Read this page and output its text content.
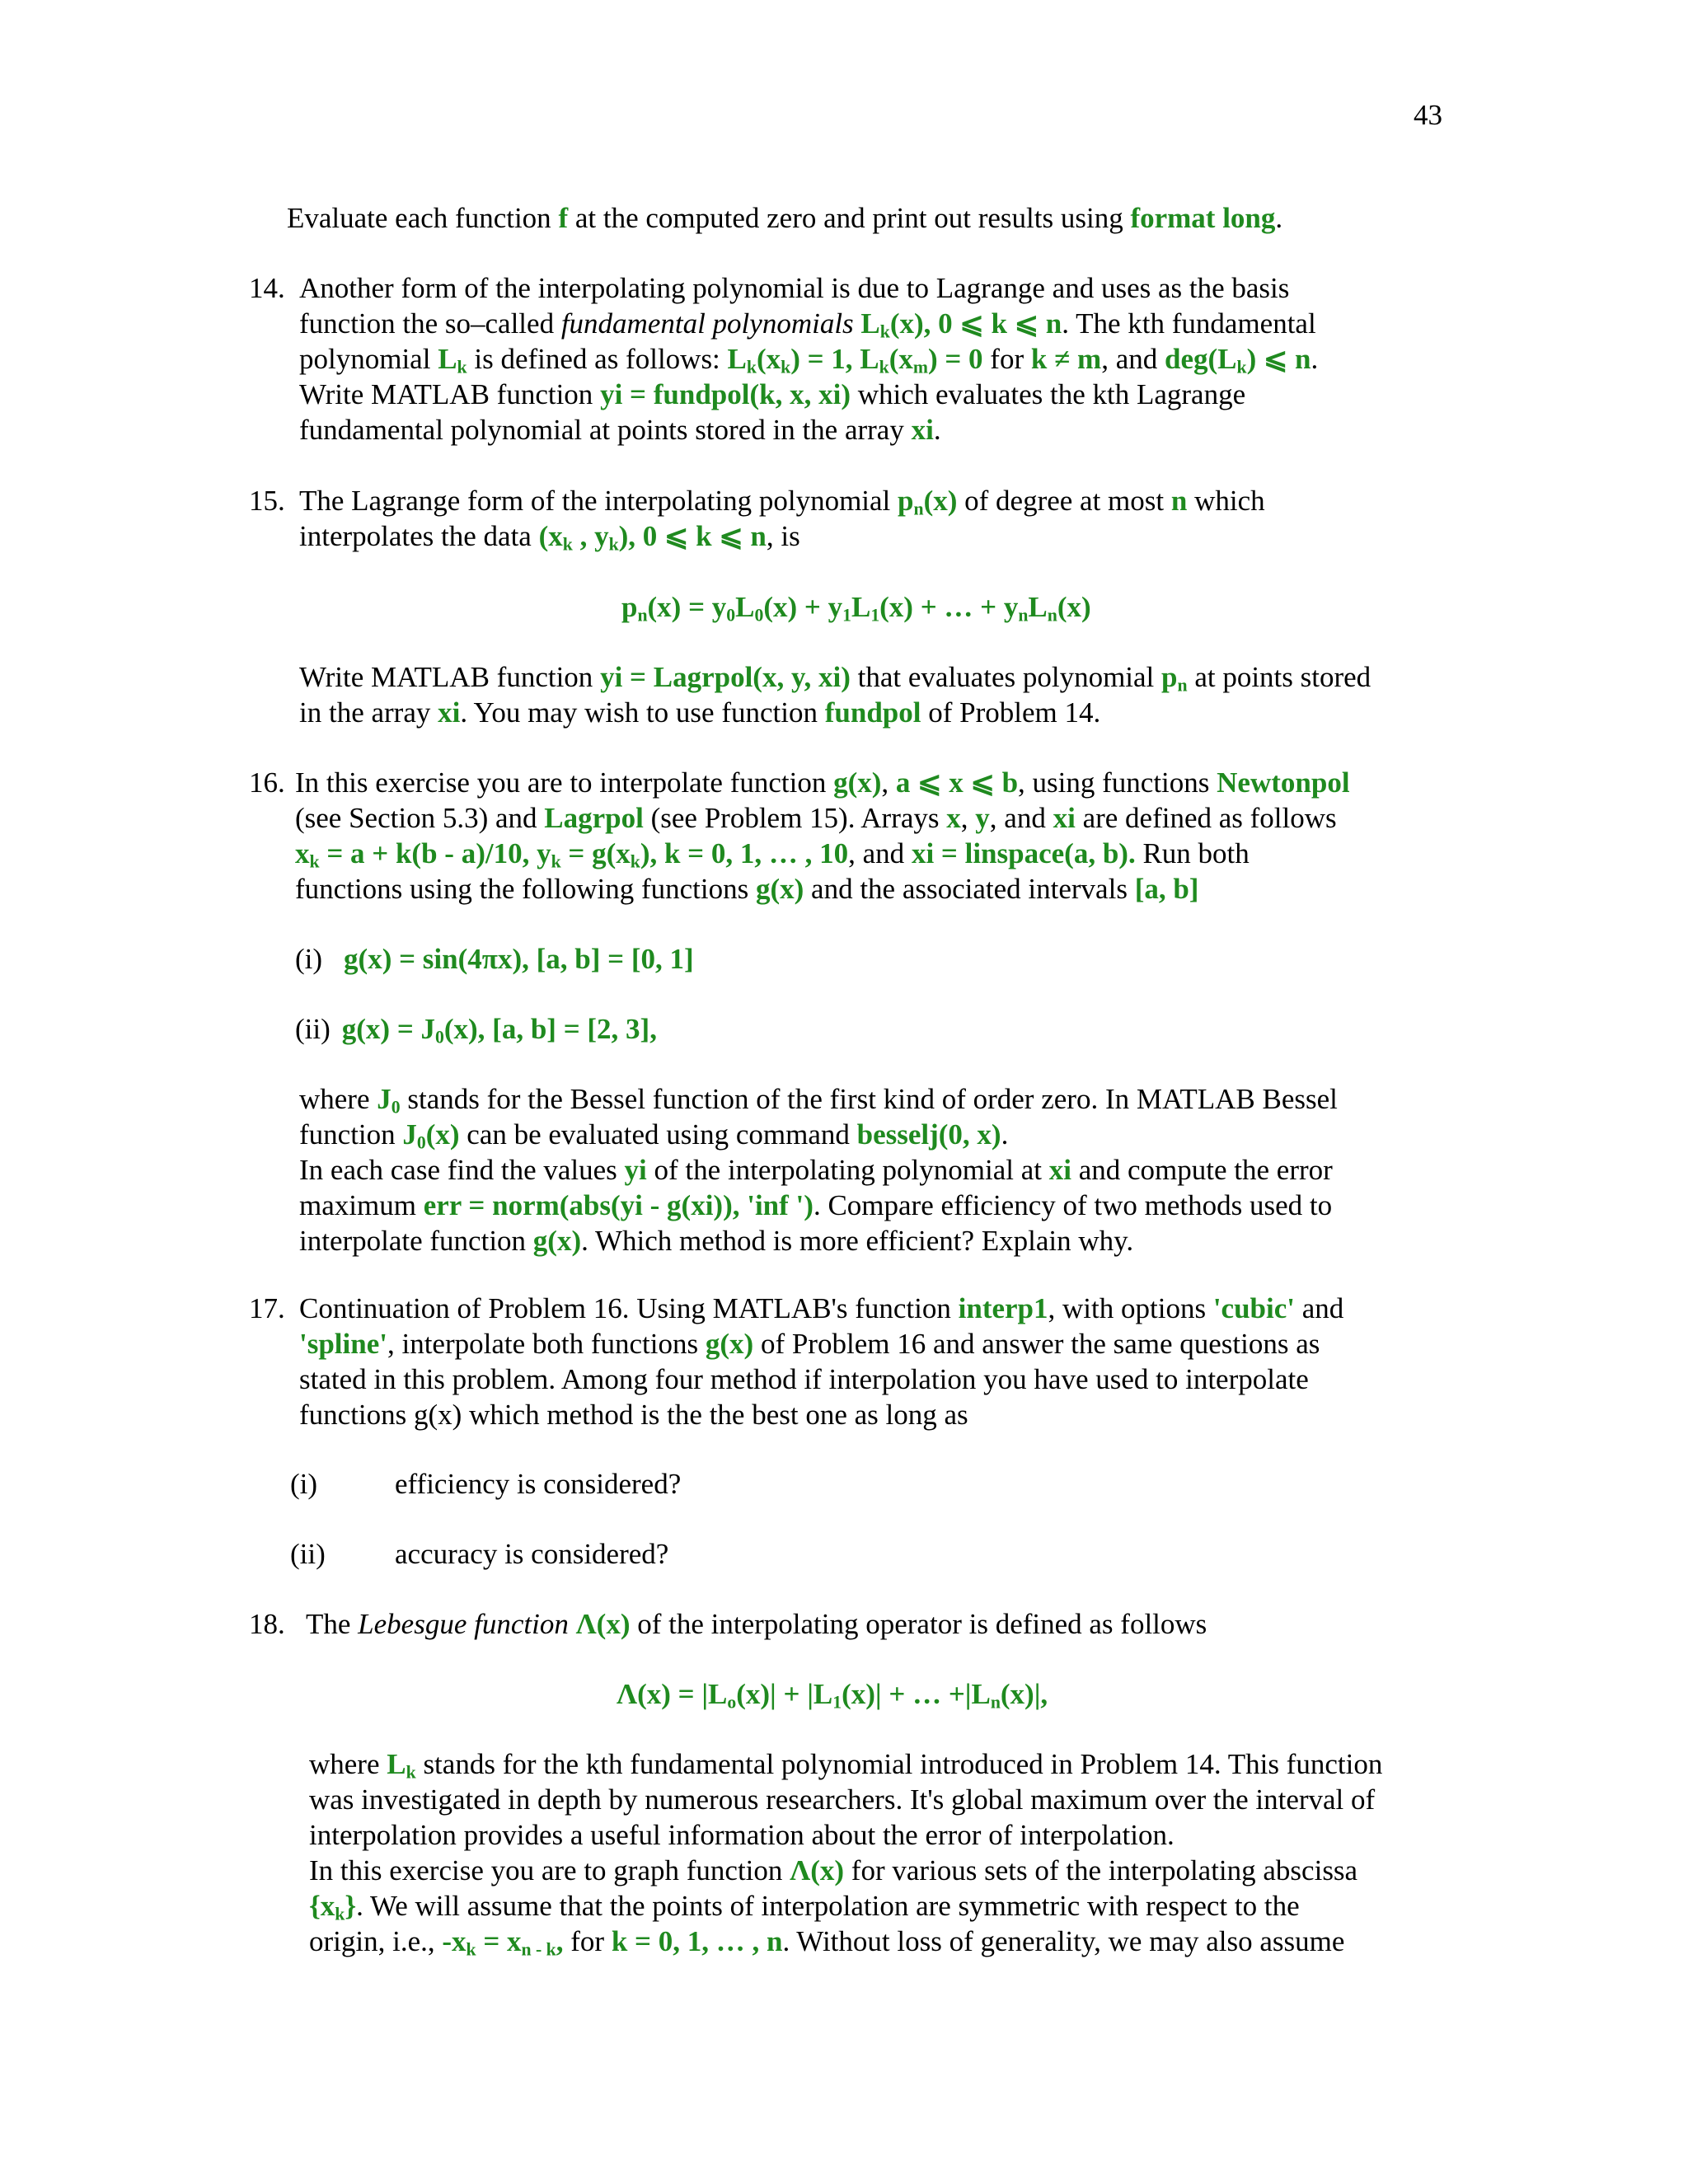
43
Evaluate each function f at the computed zero and print out results using format long.
14. Another form of the interpolating polynomial is due to Lagrange and uses as the basis
function the so–called fundamental polynomials $L_k(x)$, 0 ⩽ k ⩽ n. The kth fundamental
polynomial $L_k$ is defined as follows: $L_k(x_k) = 1$, $L_k(x_m) = 0$ for k ≠ m, and $deg(L_k)$ ⩽ n.
Write MATLAB function yi = fundpol(k, x, xi) which evaluates the kth Lagrange
fundamental polynomial at points stored in the array xi.
15. The Lagrange form of the interpolating polynomial $p_n(x)$ of degree at most n which
interpolates the data ($x_k$ , $y_k$), 0 ⩽ k ⩽ n, is
$p_n(x) = y_0L_0(x) + y_1L_1(x)$ + … + $y_nL_n(x)$
Write MATLAB function yi = Lagrpol(x, y, xi) that evaluates polynomial $p_n$ at points stored
in the array xi. You may wish to use function fundpol of Problem 14.
16. In this exercise you are to interpolate function g(x), a ⩽ x ⩽ b, using functions Newtonpol
(see Section 5.3) and Lagrpol (see Problem 15). Arrays x, y, and xi are defined as follows
$x_k = a + k(b - a)/10$, $y_k = g(x_k)$, k = 0, 1, … , 10, and xi = linspace(a, b). Run both
functions using the following functions g(x) and the associated intervals [a, b]
(i) g(x) = sin(4πx), [a, b] = [0, 1]
(ii) $g(x) = J_0(x)$, [a, b] = [2, 3],
where $J_0$ stands for the Bessel function of the first kind of order zero. In MATLAB Bessel
function $J_0(x)$ can be evaluated using command besselj(0, x).
In each case find the values yi of the interpolating polynomial at xi and compute the error
maximum err = norm(abs(yi - g(xi)), 'inf '). Compare efficiency of two methods used to
interpolate function g(x). Which method is more efficient? Explain why.
17. Continuation of Problem 16. Using MATLAB's function interp1, with options 'cubic' and
'spline', interpolate both functions g(x) of Problem 16 and answer the same questions as
stated in this problem. Among four method if interpolation you have used to interpolate
functions g(x) which method is the the best one as long as
(i)	efficiency is considered?
(ii) accuracy is considered?
18. The Lebesgue function Λ(x) of the interpolating operator is defined as follows
$\Lambda(x) = |L_o(x)| + |L_1(x)|$ + … $+|L_n(x)|$,
where $L_k$ stands for the kth fundamental polynomial introduced in Problem 14. This function
was investigated in depth by numerous researchers. It's global maximum over the interval of
interpolation provides a useful information about the error of interpolation.
In this exercise you are to graph function Λ(x) for various sets of the interpolating abscissa
$\{x_k\}$. We will assume that the points of interpolation are symmetric with respect to the
origin, i.e., $-x_k = x_{n - k}$, for k = 0, 1, … , n. Without loss of generality, we may also assume
